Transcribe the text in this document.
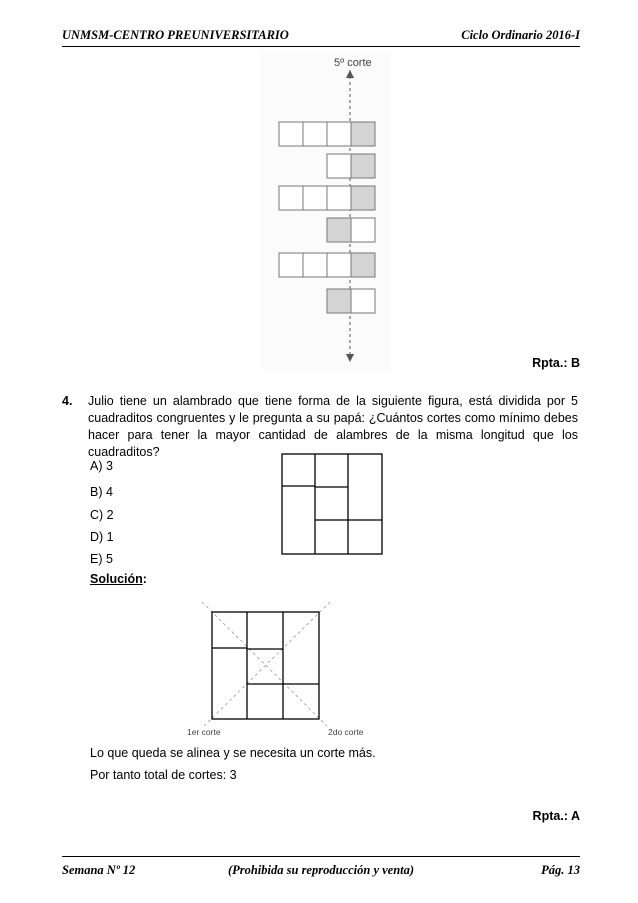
UNMSM-CENTRO PREUNIVERSITARIO	Ciclo Ordinario 2016-I
5º corte
Rpta.: B
4. Julio tiene un alambrado que tiene forma de la siguiente figura, está dividida por 5 cuadraditos congruentes y le pregunta a su papá: ¿Cuántos cortes como mínimo debes hacer para tener la mayor cantidad de alambres de la misma longitud que los cuadraditos?
A) 3
B) 4
C) 2
D) 1
E) 5
Solución:
1er corte	2do corte
Lo que queda se alinea y se necesita un corte más.
Por tanto total de cortes: 3
Rpta.: A
Semana Nº 12	(Prohibida su reproducción y venta)	Pág. 13
